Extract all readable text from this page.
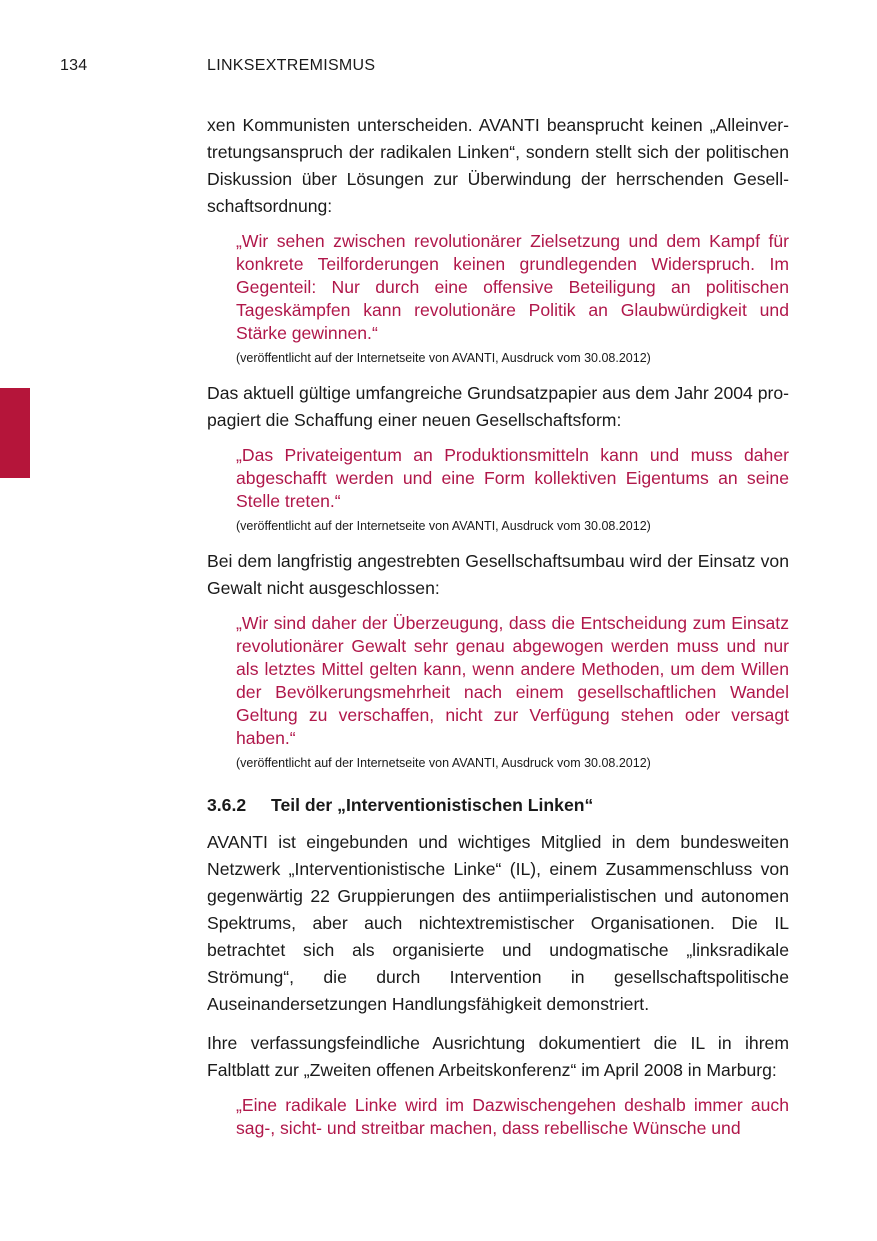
134	LINKSEXTREMISMUS

xen Kommunisten unterscheiden. AVANTI beansprucht keinen „Alleinvertretungsanspruch der radikalen Linken“, sondern stellt sich der politischen Diskussion über Lösungen zur Überwindung der herrschenden Gesellschaftsordnung:

„Wir sehen zwischen revolutionärer Zielsetzung und dem Kampf für konkrete Teilforderungen keinen grundlegenden Widerspruch. Im Gegenteil: Nur durch eine offensive Beteiligung an politischen Tageskämpfen kann revolutionäre Politik an Glaubwürdigkeit und Stärke gewinnen.“

(veröffentlicht auf der Internetseite von AVANTI, Ausdruck vom 30.08.2012)

Das aktuell gültige umfangreiche Grundsatzpapier aus dem Jahr 2004 propagiert die Schaffung einer neuen Gesellschaftsform:

„Das Privateigentum an Produktionsmitteln kann und muss daher abgeschafft werden und eine Form kollektiven Eigentums an seine Stelle treten.“

(veröffentlicht auf der Internetseite von AVANTI, Ausdruck vom 30.08.2012)

Bei dem langfristig angestrebten Gesellschaftsumbau wird der Einsatz von Gewalt nicht ausgeschlossen:

„Wir sind daher der Überzeugung, dass die Entscheidung zum Einsatz revolutionärer Gewalt sehr genau abgewogen werden muss und nur als letztes Mittel gelten kann, wenn andere Methoden, um dem Willen der Bevölkerungsmehrheit nach einem gesellschaftlichen Wandel Geltung zu verschaffen, nicht zur Verfügung stehen oder versagt haben.“

(veröffentlicht auf der Internetseite von AVANTI, Ausdruck vom 30.08.2012)

3.6.2 Teil der „Interventionistischen Linken“

AVANTI ist eingebunden und wichtiges Mitglied in dem bundesweiten Netzwerk „Interventionistische Linke“ (IL), einem Zusammenschluss von gegenwärtig 22 Gruppierungen des antiimperialistischen und autonomen Spektrums, aber auch nichtextremistischer Organisationen. Die IL betrachtet sich als organisierte und undogmatische „linksradikale Strömung“, die durch Intervention in gesellschaftspolitische Auseinandersetzungen Handlungsfähigkeit demonstriert.

Ihre verfassungsfeindliche Ausrichtung dokumentiert die IL in ihrem Faltblatt zur „Zweiten offenen Arbeitskonferenz“ im April 2008 in Marburg:

„Eine radikale Linke wird im Dazwischengehen deshalb immer auch sag-, sicht- und streitbar machen, dass rebellische Wünsche und
